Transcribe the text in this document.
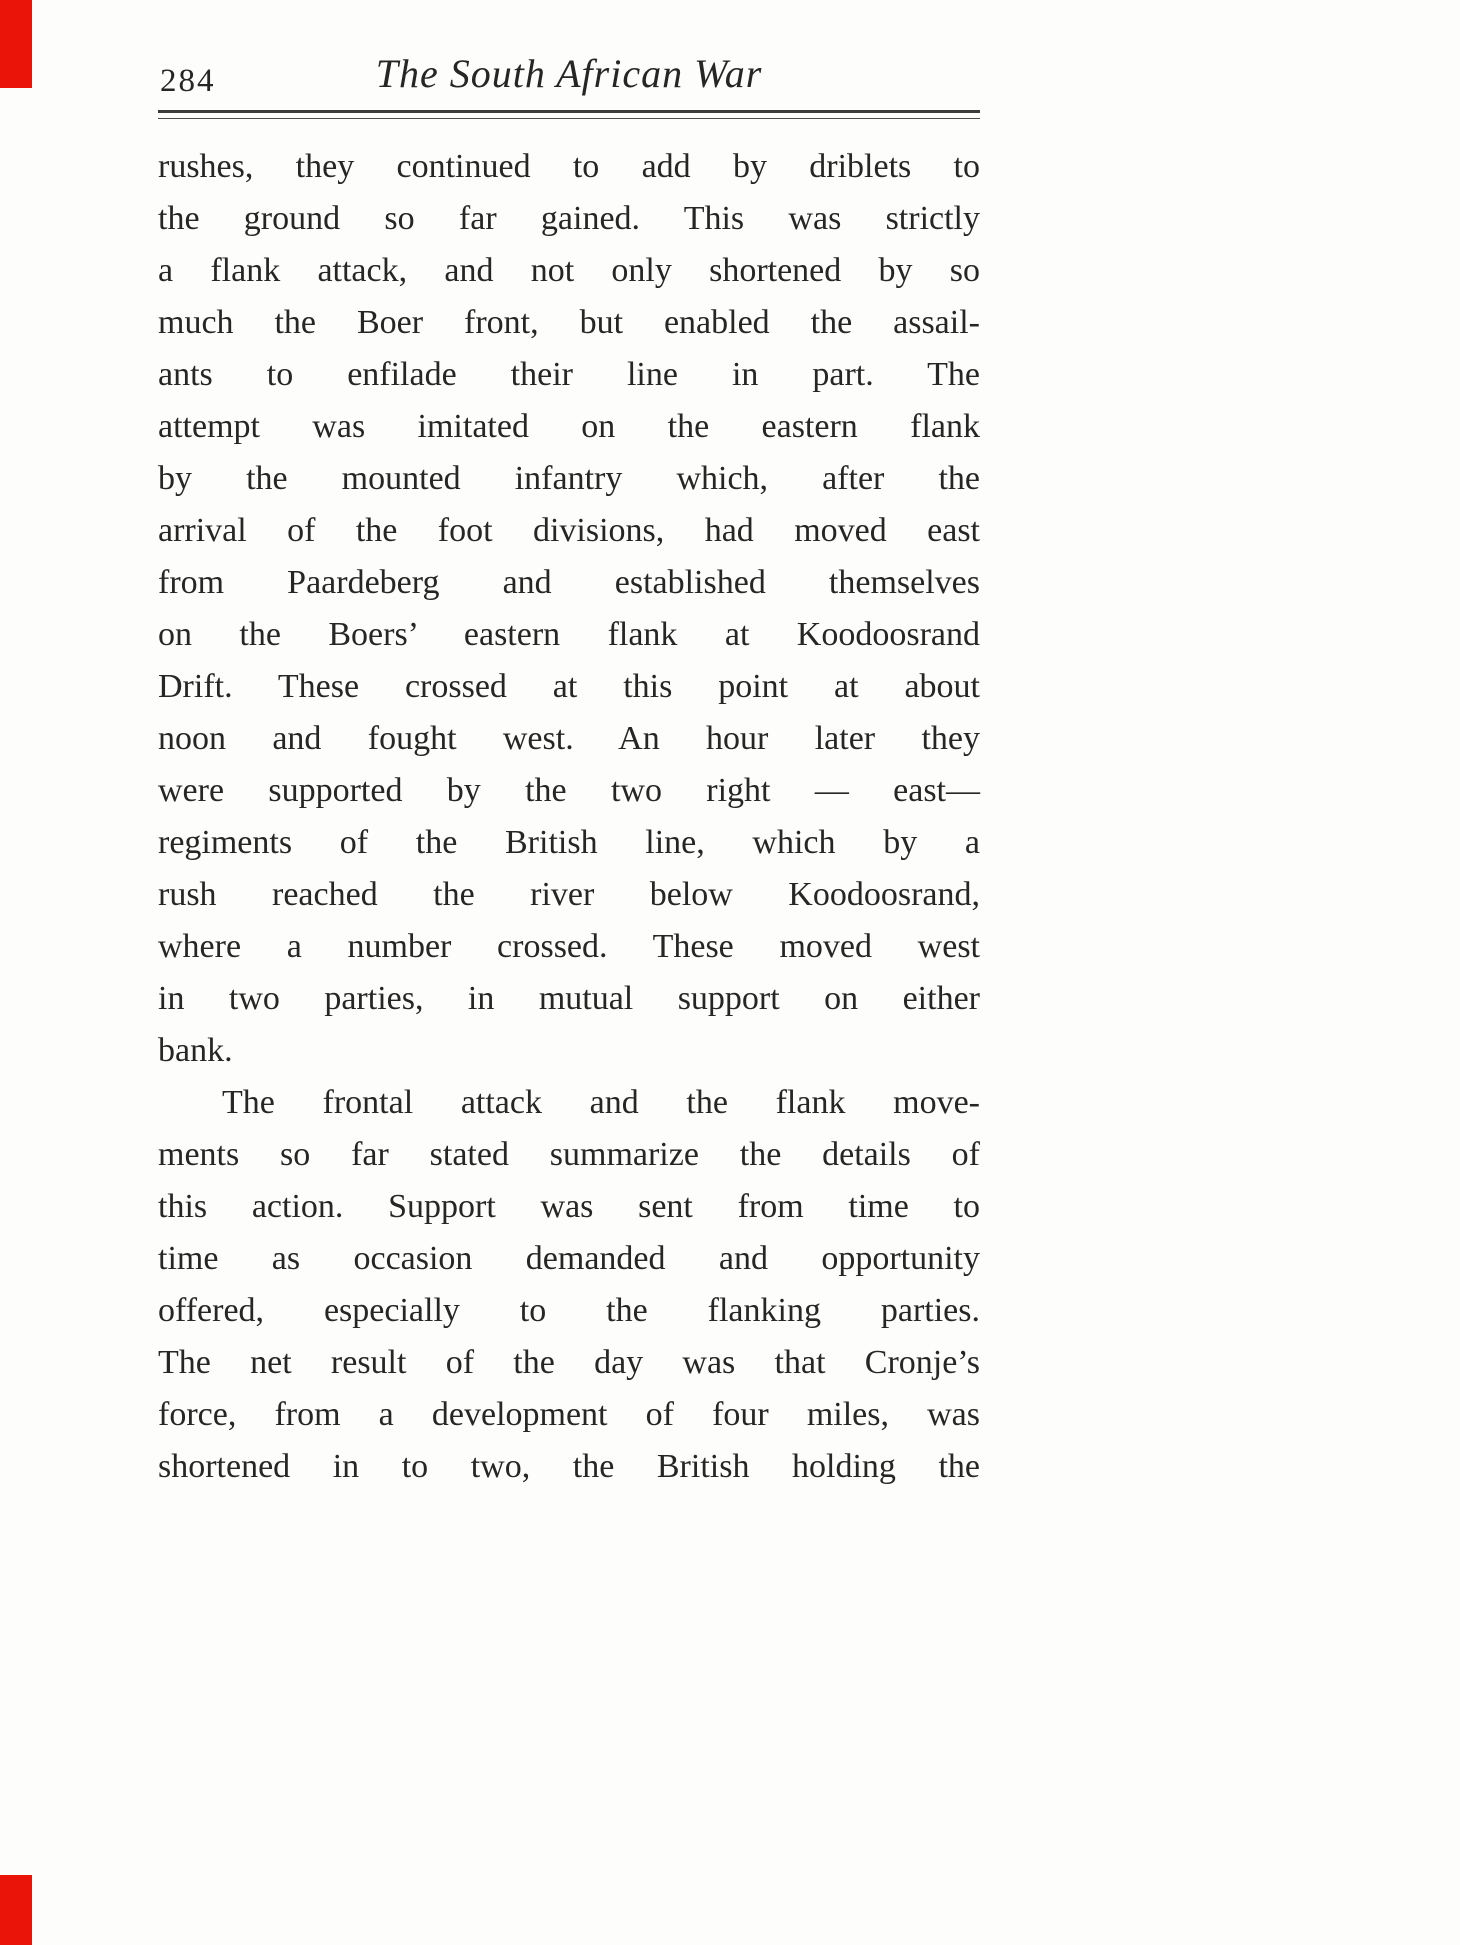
284	The South African War
rushes, they continued to add by driblets to
the ground so far gained. This was strictly
a flank attack, and not only shortened by so
much the Boer front, but enabled the assail-
ants to enfilade their line in part. The
attempt was imitated on the eastern flank
by the mounted infantry which, after the
arrival of the foot divisions, had moved east
from Paardeberg and established themselves
on the Boers’ eastern flank at Koodoosrand
Drift. These crossed at this point at about
noon and fought west. An hour later they
were supported by the two right — east—
regiments of the British line, which by a
rush reached the river below Koodoosrand,
where a number crossed. These moved west
in two parties, in mutual support on either
bank.
The frontal attack and the flank move-
ments so far stated summarize the details of
this action. Support was sent from time to
time as occasion demanded and opportunity
offered, especially to the flanking parties.
The net result of the day was that Cronje’s
force, from a development of four miles, was
shortened in to two, the British holding the
